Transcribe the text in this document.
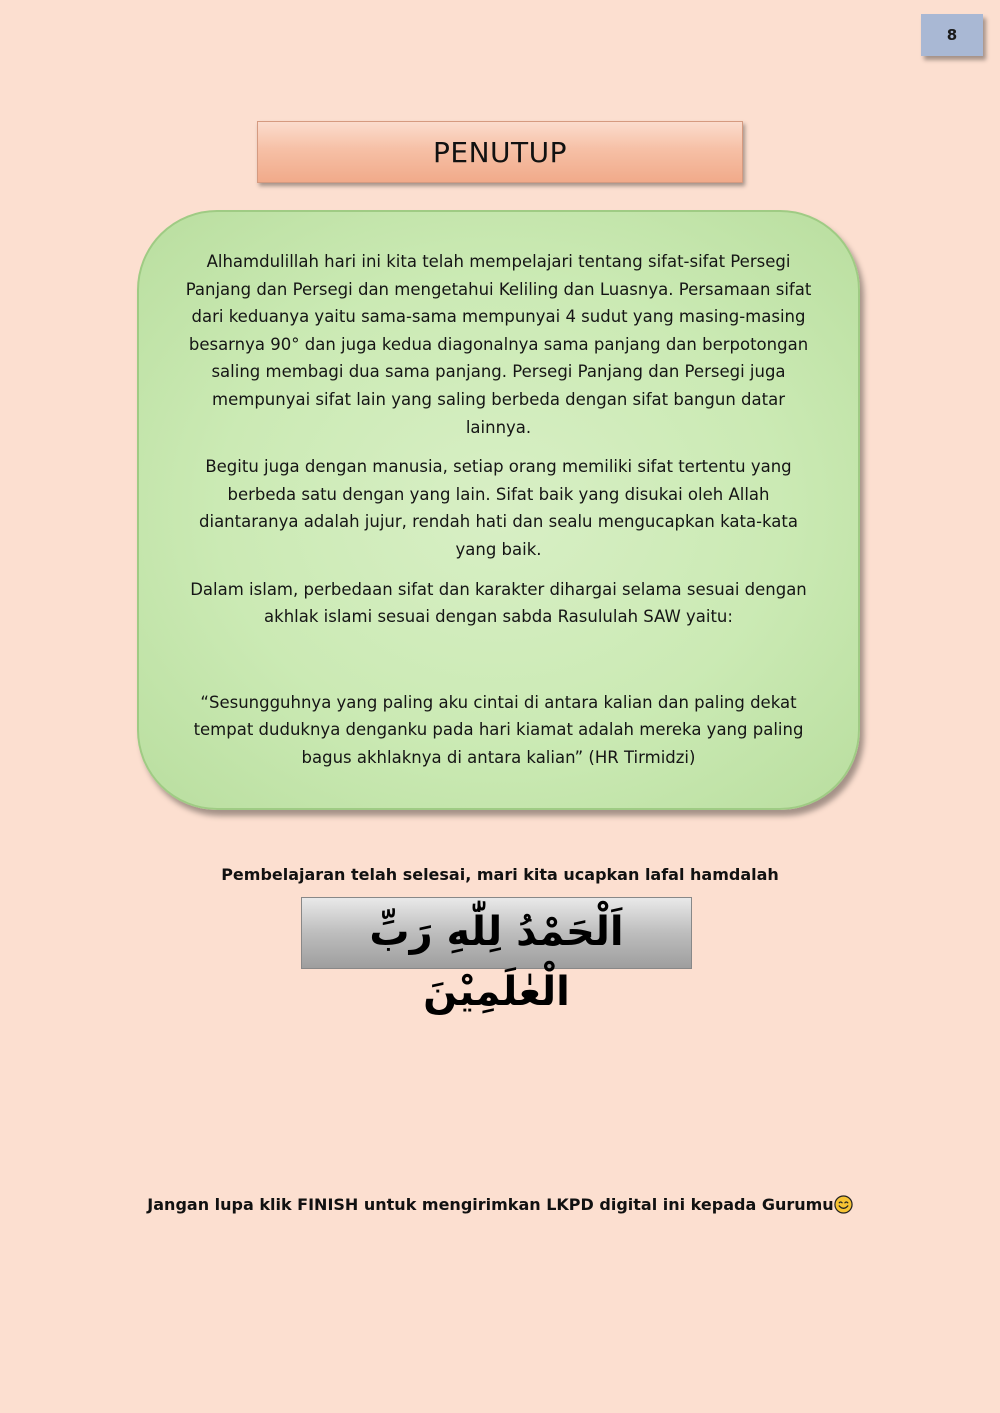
8
PENUTUP

Alhamdulillah hari ini kita telah mempelajari tentang sifat-sifat Persegi Panjang dan Persegi dan mengetahui Keliling dan Luasnya. Persamaan sifat dari keduanya yaitu sama-sama mempunyai 4 sudut yang masing-masing besarnya 90° dan juga kedua diagonalnya sama panjang dan berpotongan saling membagi dua sama panjang. Persegi Panjang dan Persegi juga mempunyai sifat lain yang saling berbeda dengan sifat bangun datar lainnya.

Begitu juga dengan manusia, setiap orang memiliki sifat tertentu yang berbeda satu dengan yang lain. Sifat baik yang disukai oleh Allah diantaranya adalah jujur, rendah hati dan sealu mengucapkan kata-kata yang baik.

Dalam islam, perbedaan sifat dan karakter dihargai selama sesuai dengan akhlak islami sesuai dengan sabda Rasululah SAW yaitu:

“Sesungguhnya yang paling aku cintai di antara kalian dan paling dekat tempat duduknya denganku pada hari kiamat adalah mereka yang paling bagus akhlaknya di antara kalian” (HR Tirmidzi)

Pembelajaran telah selesai, mari kita ucapkan lafal hamdalah
اَلْحَمْدُ لِلّٰهِ رَبِّ الْعٰلَمِيْنَ
Jangan lupa klik FINISH untuk mengirimkan LKPD digital ini kepada Gurumu
